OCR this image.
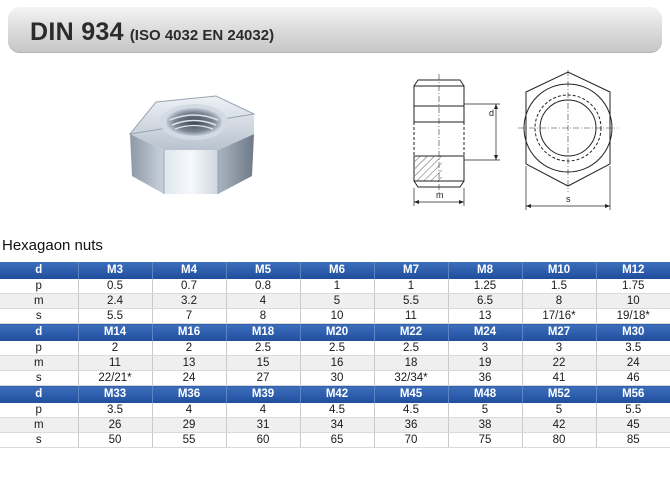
DIN 934 (ISO 4032 EN 24032)
m
d
s
Hexagaon nuts
d	M3	M4	M5	M6	M7	M8	M10	M12
p	0.5	0.7	0.8	1	1	1.25	1.5	1.75
m	2.4	3.2	4	5	5.5	6.5	8	10
s	5.5	7	8	10	11	13	17/16*	19/18*
d	M14	M16	M18	M20	M22	M24	M27	M30
p	2	2	2.5	2.5	2.5	3	3	3.5
m	11	13	15	16	18	19	22	24
s	22/21*	24	27	30	32/34*	36	41	46
d	M33	M36	M39	M42	M45	M48	M52	M56
p	3.5	4	4	4.5	4.5	5	5	5.5
m	26	29	31	34	36	38	42	45
s	50	55	60	65	70	75	80	85
